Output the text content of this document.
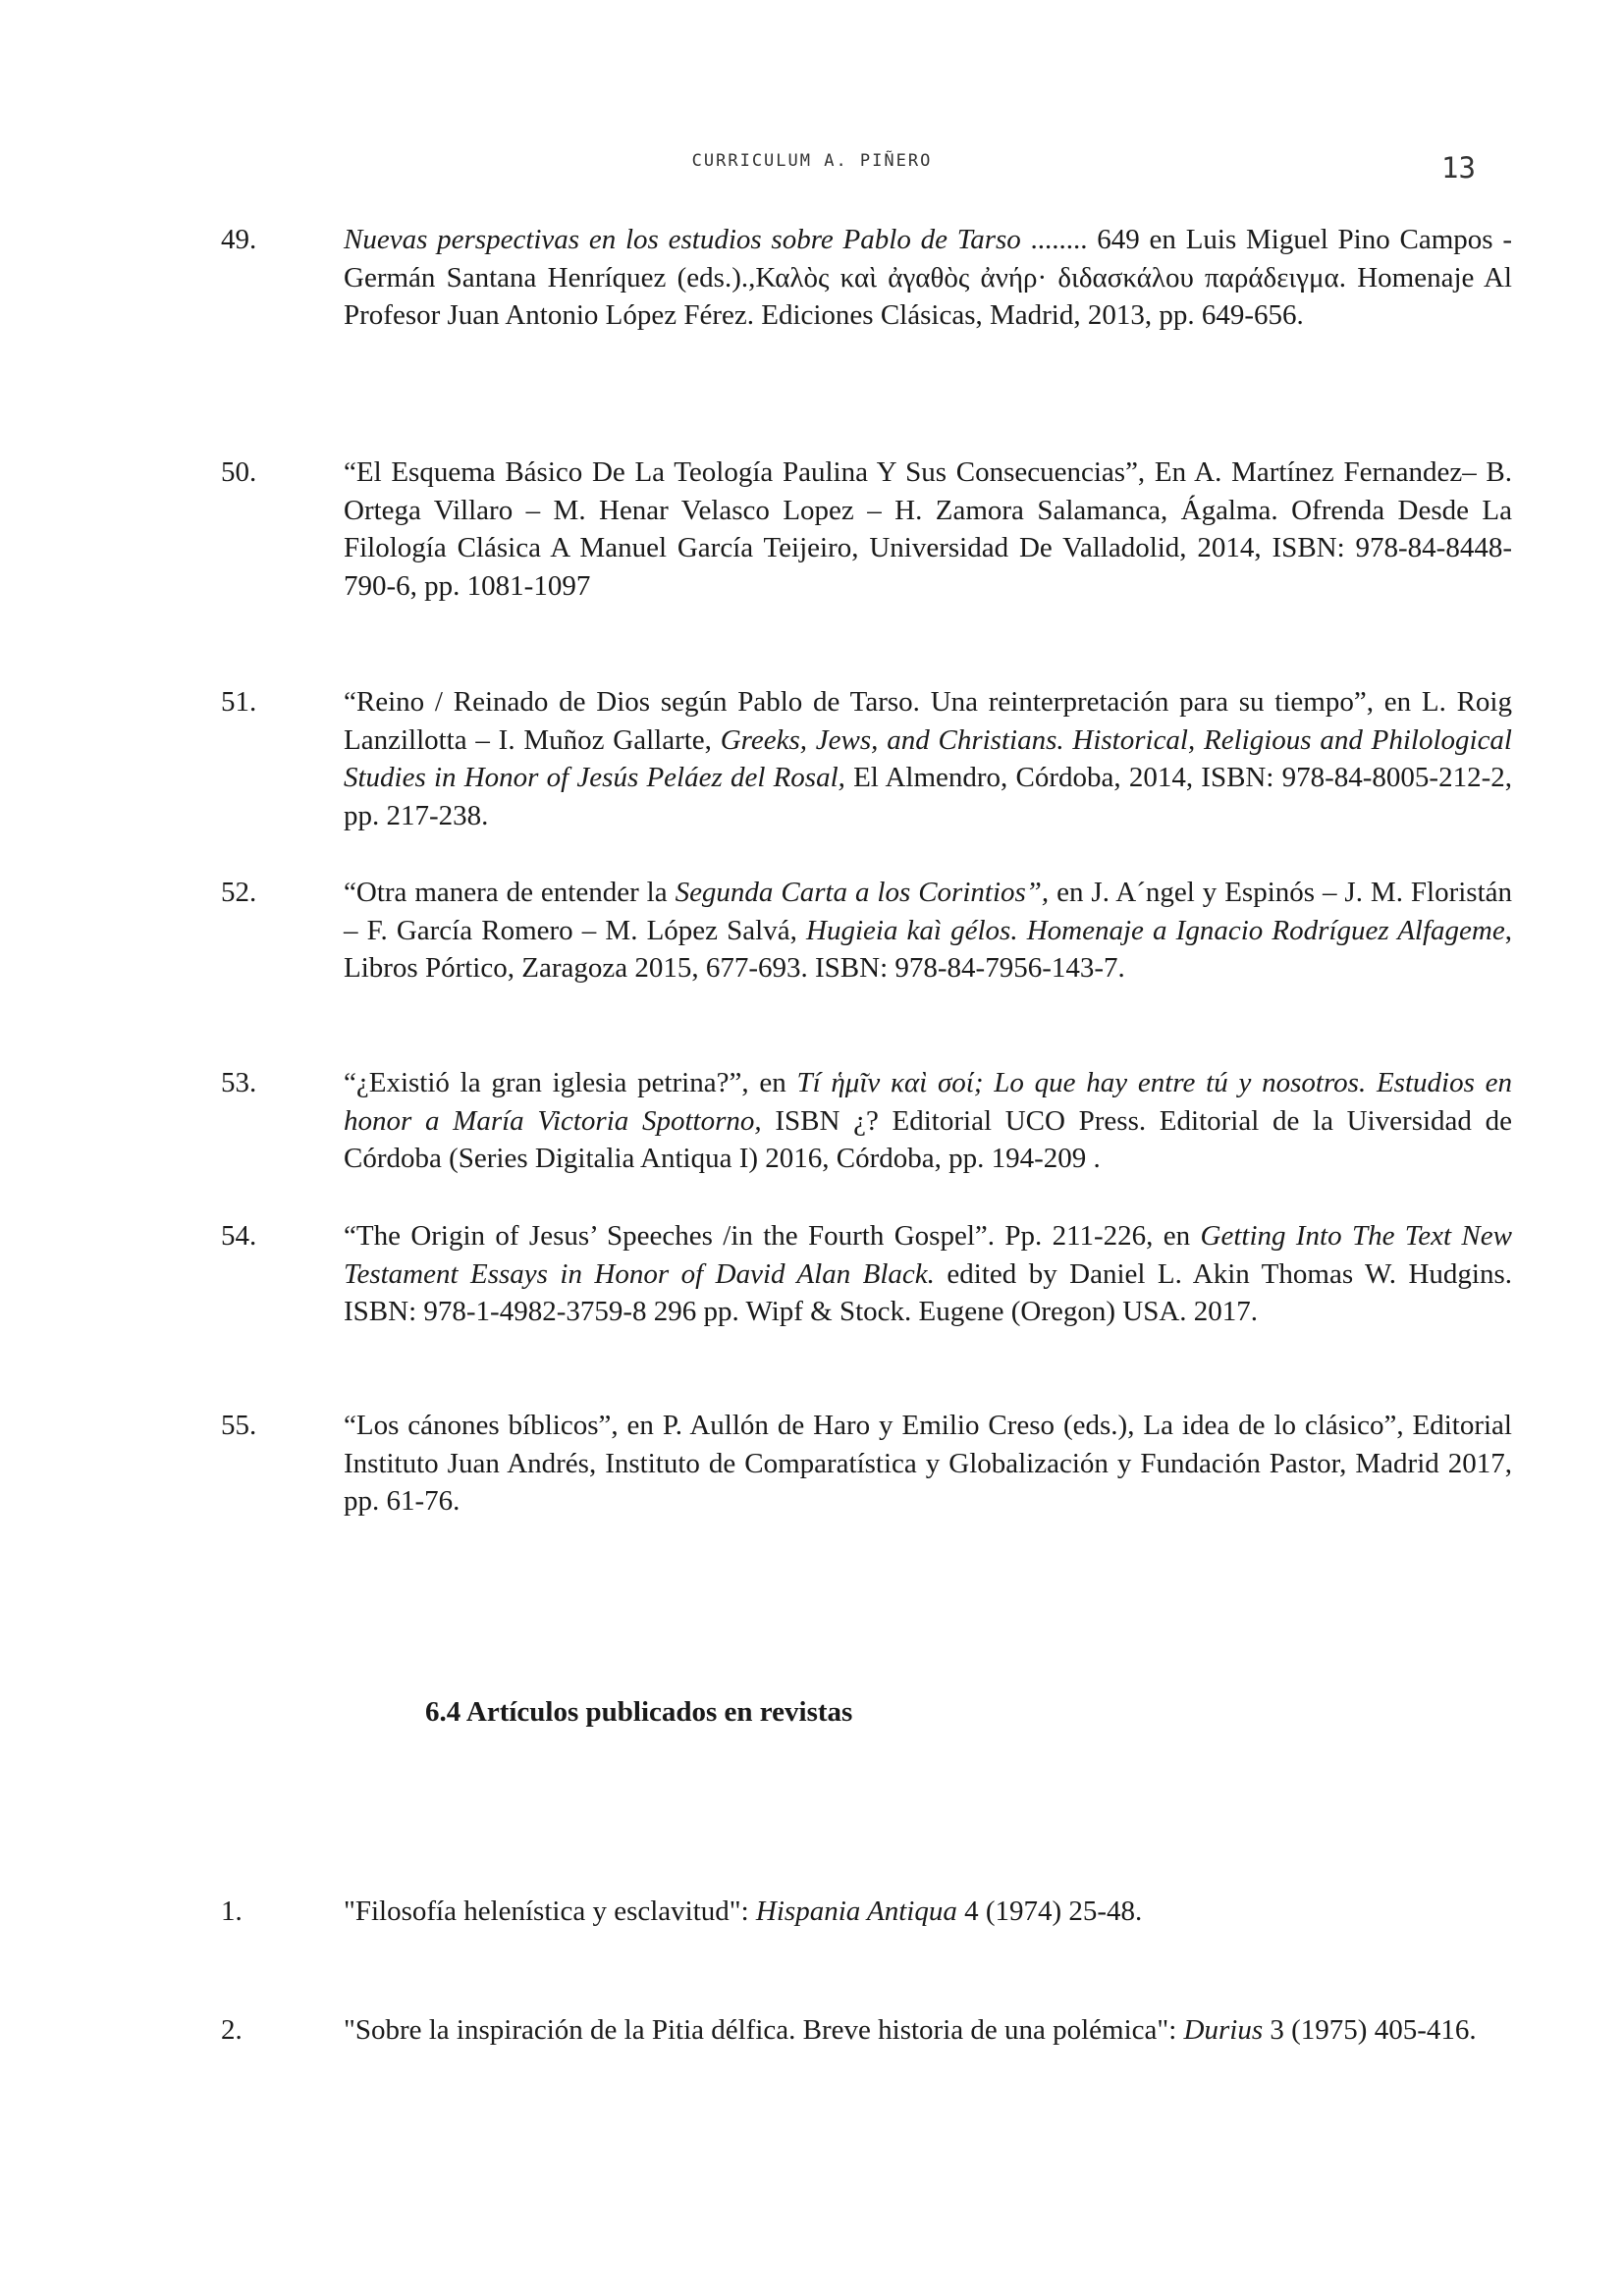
CURRICULUM A. PIÑERO	13
49.	Nuevas perspectivas en los estudios sobre Pablo de Tarso ........ 649 en Luis Miguel Pino Campos - Germán Santana Henríquez (eds.).,Καλὸς καὶ ἀγαθὸς ἀνήρ· διδασκάλου παράδειγμα. Homenaje Al Profesor Juan Antonio López Férez. Ediciones Clásicas, Madrid, 2013, pp. 649-656.
50.	“El Esquema Básico De La Teología Paulina Y Sus Consecuencias”, En A. Martínez Fernandez– B. Ortega Villaro – M. Henar Velasco Lopez – H. Zamora Salamanca, Ágalma. Ofrenda Desde La Filología Clásica A Manuel García Teijeiro, Universidad De Valladolid, 2014, ISBN: 978-84-8448-790-6, pp. 1081-1097
51.	“Reino / Reinado de Dios según Pablo de Tarso. Una reinterpretación para su tiempo”, en L. Roig Lanzillotta – I. Muñoz Gallarte, Greeks, Jews, and Christians. Historical, Religious and Philological Studies in Honor of Jesús Peláez del Rosal, El Almendro, Córdoba, 2014, ISBN: 978-84-8005-212-2, pp. 217-238.
52.	“Otra manera de entender la Segunda Carta a los Corintios”, en J. A´ngel y Espinós – J. M. Floristán – F. García Romero – M. López Salvá, Hugieia kaì gélos. Homenaje a Ignacio Rodríguez Alfageme, Libros Pórtico, Zaragoza 2015, 677-693. ISBN: 978-84-7956-143-7.
53.	“¿Existió la gran iglesia petrina?”, en Tí ἡμῖν καὶ σοί; Lo que hay entre tú y nosotros. Estudios en honor a María Victoria Spottorno, ISBN ¿? Editorial UCO Press. Editorial de la Uiversidad de Córdoba (Series Digitalia Antiqua I) 2016, Córdoba, pp. 194-209 .
54.	“The Origin of Jesus’ Speeches /in the Fourth Gospel”. Pp. 211-226, en Getting Into The Text New Testament Essays in Honor of David Alan Black. edited by Daniel L. Akin Thomas W. Hudgins. ISBN: 978-1-4982-3759-8 296 pp. Wipf & Stock. Eugene (Oregon) USA. 2017.
55.	“Los cánones bíblicos”, en P. Aullón de Haro y Emilio Creso (eds.), La idea de lo clásico”, Editorial Instituto Juan Andrés, Instituto de Comparatística y Globalización y Fundación Pastor, Madrid 2017, pp. 61-76.
6.4 Artículos publicados en revistas
1.	"Filosofía helenística y esclavitud": Hispania Antiqua 4 (1974) 25-48.
2.	"Sobre la inspiración de la Pitia délfica. Breve historia de una polémica": Durius 3 (1975) 405-416.
